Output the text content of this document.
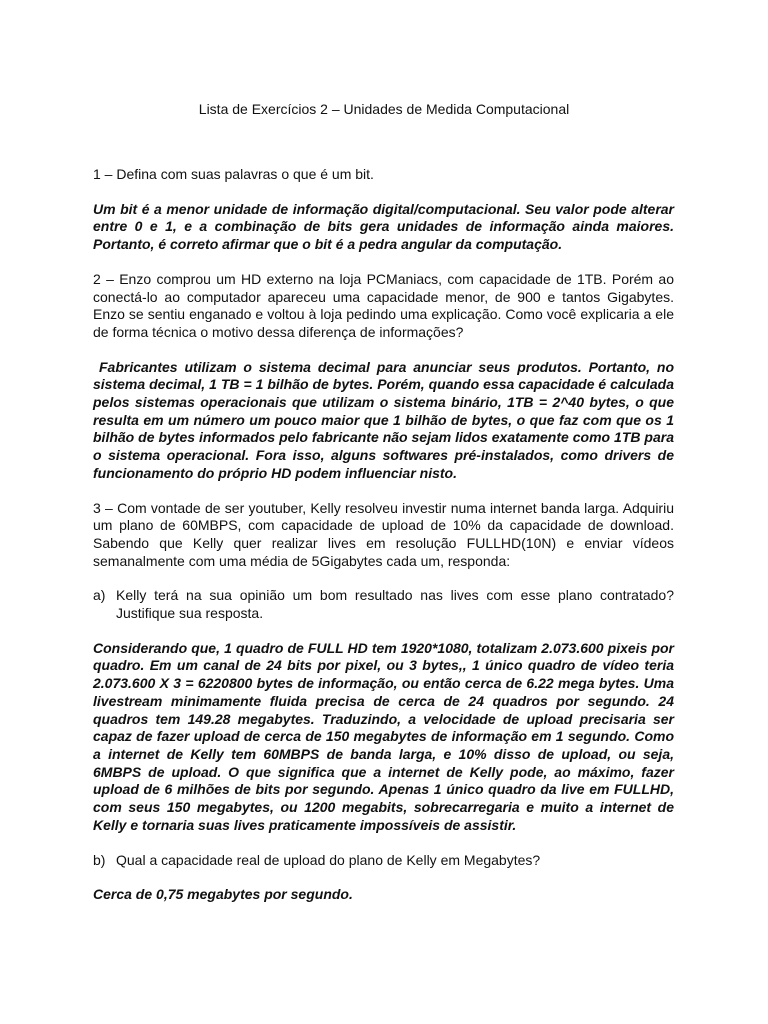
Lista de Exercícios 2 – Unidades de Medida Computacional

1 – Defina com suas palavras o que é um bit.

Um bit é a menor unidade de informação digital/computacional. Seu valor pode alterar entre 0 e 1, e a combinação de bits gera unidades de informação ainda maiores. Portanto, é correto afirmar que o bit é a pedra angular da computação.

2 – Enzo comprou um HD externo na loja PCManiacs, com capacidade de 1TB. Porém ao conectá-lo ao computador apareceu uma capacidade menor, de 900 e tantos Gigabytes. Enzo se sentiu enganado e voltou à loja pedindo uma explicação. Como você explicaria a ele de forma técnica o motivo dessa diferença de informações?

Fabricantes utilizam o sistema decimal para anunciar seus produtos. Portanto, no sistema decimal, 1 TB = 1 bilhão de bytes. Porém, quando essa capacidade é calculada pelos sistemas operacionais que utilizam o sistema binário, 1TB = 2^40 bytes, o que resulta em um número um pouco maior que 1 bilhão de bytes, o que faz com que os 1 bilhão de bytes informados pelo fabricante não sejam lidos exatamente como 1TB para o sistema operacional. Fora isso, alguns softwares pré-instalados, como drivers de funcionamento do próprio HD podem influenciar nisto.

3 – Com vontade de ser youtuber, Kelly resolveu investir numa internet banda larga. Adquiriu um plano de 60MBPS, com capacidade de upload de 10% da capacidade de download. Sabendo que Kelly quer realizar lives em resolução FULLHD(10N) e enviar vídeos semanalmente com uma média de 5Gigabytes cada um, responda:

a) Kelly terá na sua opinião um bom resultado nas lives com esse plano contratado? Justifique sua resposta.

Considerando que, 1 quadro de FULL HD tem 1920*1080, totalizam 2.073.600 pixeis por quadro. Em um canal de 24 bits por pixel, ou 3 bytes,, 1 único quadro de vídeo teria 2.073.600 X 3 = 6220800 bytes de informação, ou então cerca de 6.22 mega bytes. Uma livestream minimamente fluida precisa de cerca de 24 quadros por segundo. 24 quadros tem 149.28 megabytes. Traduzindo, a velocidade de upload precisaria ser capaz de fazer upload de cerca de 150 megabytes de informação em 1 segundo. Como a internet de Kelly tem 60MBPS de banda larga, e 10% disso de upload, ou seja, 6MBPS de upload. O que significa que a internet de Kelly pode, ao máximo, fazer upload de 6 milhões de bits por segundo. Apenas 1 único quadro da live em FULLHD, com seus 150 megabytes, ou 1200 megabits, sobrecarregaria e muito a internet de Kelly e tornaria suas lives praticamente impossíveis de assistir.

b) Qual a capacidade real de upload do plano de Kelly em Megabytes?

Cerca de 0,75 megabytes por segundo.
